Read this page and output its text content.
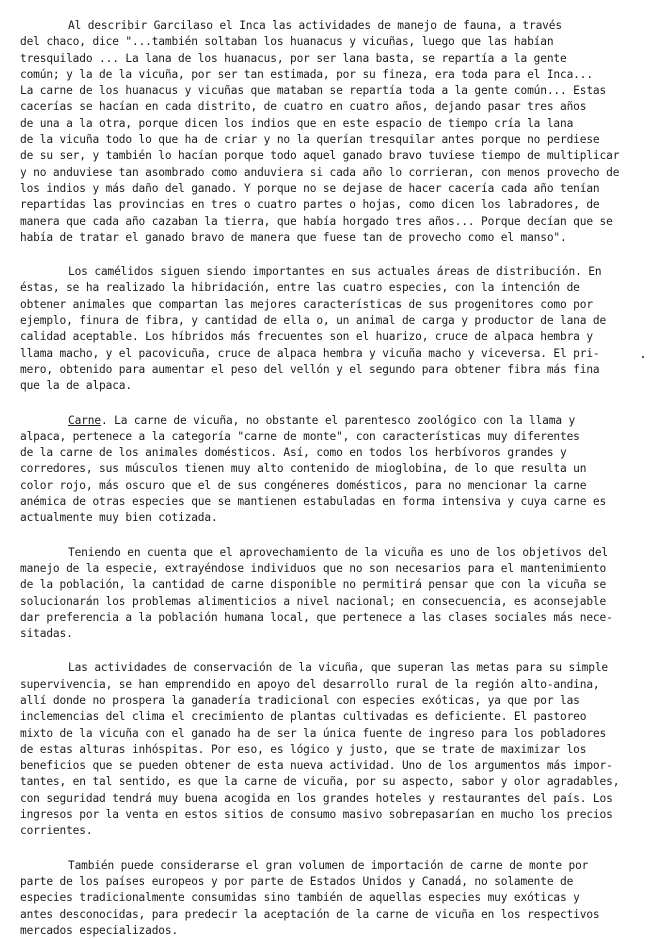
Al describir Garcilaso el Inca las actividades de manejo de fauna, a través
del chaco, dice "...también soltaban los huanacus y vicuñas, luego que las habían
tresquilado ... La lana de los huanacus, por ser lana basta, se repartía a la gente
común; y la de la vicuña, por ser tan estimada, por su fineza, era toda para el Inca...
La carne de los huanacus y vicuñas que mataban se repartía toda a la gente común... Estas
cacerías se hacían en cada distrito, de cuatro en cuatro años, dejando pasar tres años
de una a la otra, porque dicen los indios que en este espacio de tiempo cría la lana
de la vicuña todo lo que ha de criar y no la querían tresquilar antes porque no perdiese
de su ser, y también lo hacían porque todo aquel ganado bravo tuviese tiempo de multiplicar
y no anduviese tan asombrado como anduviera si cada año lo corrieran, con menos provecho de
los indios y más daño del ganado. Y porque no se dejase de hacer cacería cada año tenían
repartidas las provincias en tres o cuatro partes o hojas, como dicen los labradores, de
manera que cada año cazaban la tierra, que había horgado tres años... Porque decían que se
había de tratar el ganado bravo de manera que fuese tan de provecho como el manso".
Los camélidos siguen siendo importantes en sus actuales áreas de distribución. En
éstas, se ha realizado la hibridación, entre las cuatro especies, con la intención de
obtener animales que compartan las mejores características de sus progenitores como por
ejemplo, finura de fibra, y cantidad de ella o, un animal de carga y productor de lana de
calidad aceptable. Los híbridos más frecuentes son el huarizo, cruce de alpaca hembra y
llama macho, y el pacovicuña, cruce de alpaca hembra y vicuña macho y viceversa. El pri-
mero, obtenido para aumentar el peso del vellón y el segundo para obtener fibra más fina
que la de alpaca.
Carne. La carne de vicuña, no obstante el parentesco zoológico con la llama y
alpaca, pertenece a la categoría "carne de monte", con características muy diferentes
de la carne de los animales domésticos. Así, como en todos los herbívoros grandes y
corredores, sus músculos tienen muy alto contenido de mioglobina, de lo que resulta un
color rojo, más oscuro que el de sus congéneres domésticos, para no mencionar la carne
anémica de otras especies que se mantienen estabuladas en forma intensiva y cuya carne es
actualmente muy bien cotizada.
Teniendo en cuenta que el aprovechamiento de la vicuña es uno de los objetivos del
manejo de la especie, extrayéndose individuos que no son necesarios para el mantenimiento
de la población, la cantidad de carne disponible no permitirá pensar que con la vicuña se
solucionarán los problemas alimenticios a nivel nacional; en consecuencia, es aconsejable
dar preferencia a la población humana local, que pertenece a las clases sociales más nece-
sitadas.
Las actividades de conservación de la vicuña, que superan las metas para su simple
supervivencia, se han emprendido en apoyo del desarrollo rural de la región alto-andina,
allí donde no prospera la ganadería tradicional con especies exóticas, ya que por las
inclemencias del clima el crecimiento de plantas cultivadas es deficiente. El pastoreo
mixto de la vicuña con el ganado ha de ser la única fuente de ingreso para los pobladores
de estas alturas inhóspitas. Por eso, es lógico y justo, que se trate de maximizar los
beneficios que se pueden obtener de esta nueva actividad. Uno de los argumentos más impor-
tantes, en tal sentido, es que la carne de vicuña, por su aspecto, sabor y olor agradables,
con seguridad tendrá muy buena acogida en los grandes hoteles y restaurantes del país. Los
ingresos por la venta en estos sitios de consumo masivo sobrepasarían en mucho los precios
corrientes.
También puede considerarse el gran volumen de importación de carne de monte por
parte de los países europeos y por parte de Estados Unidos y Canadá, no solamente de
especies tradicionalmente consumidas sino también de aquellas especies muy exóticas y
antes desconocidas, para predecir la aceptación de la carne de vicuña en los respectivos
mercados especializados.
